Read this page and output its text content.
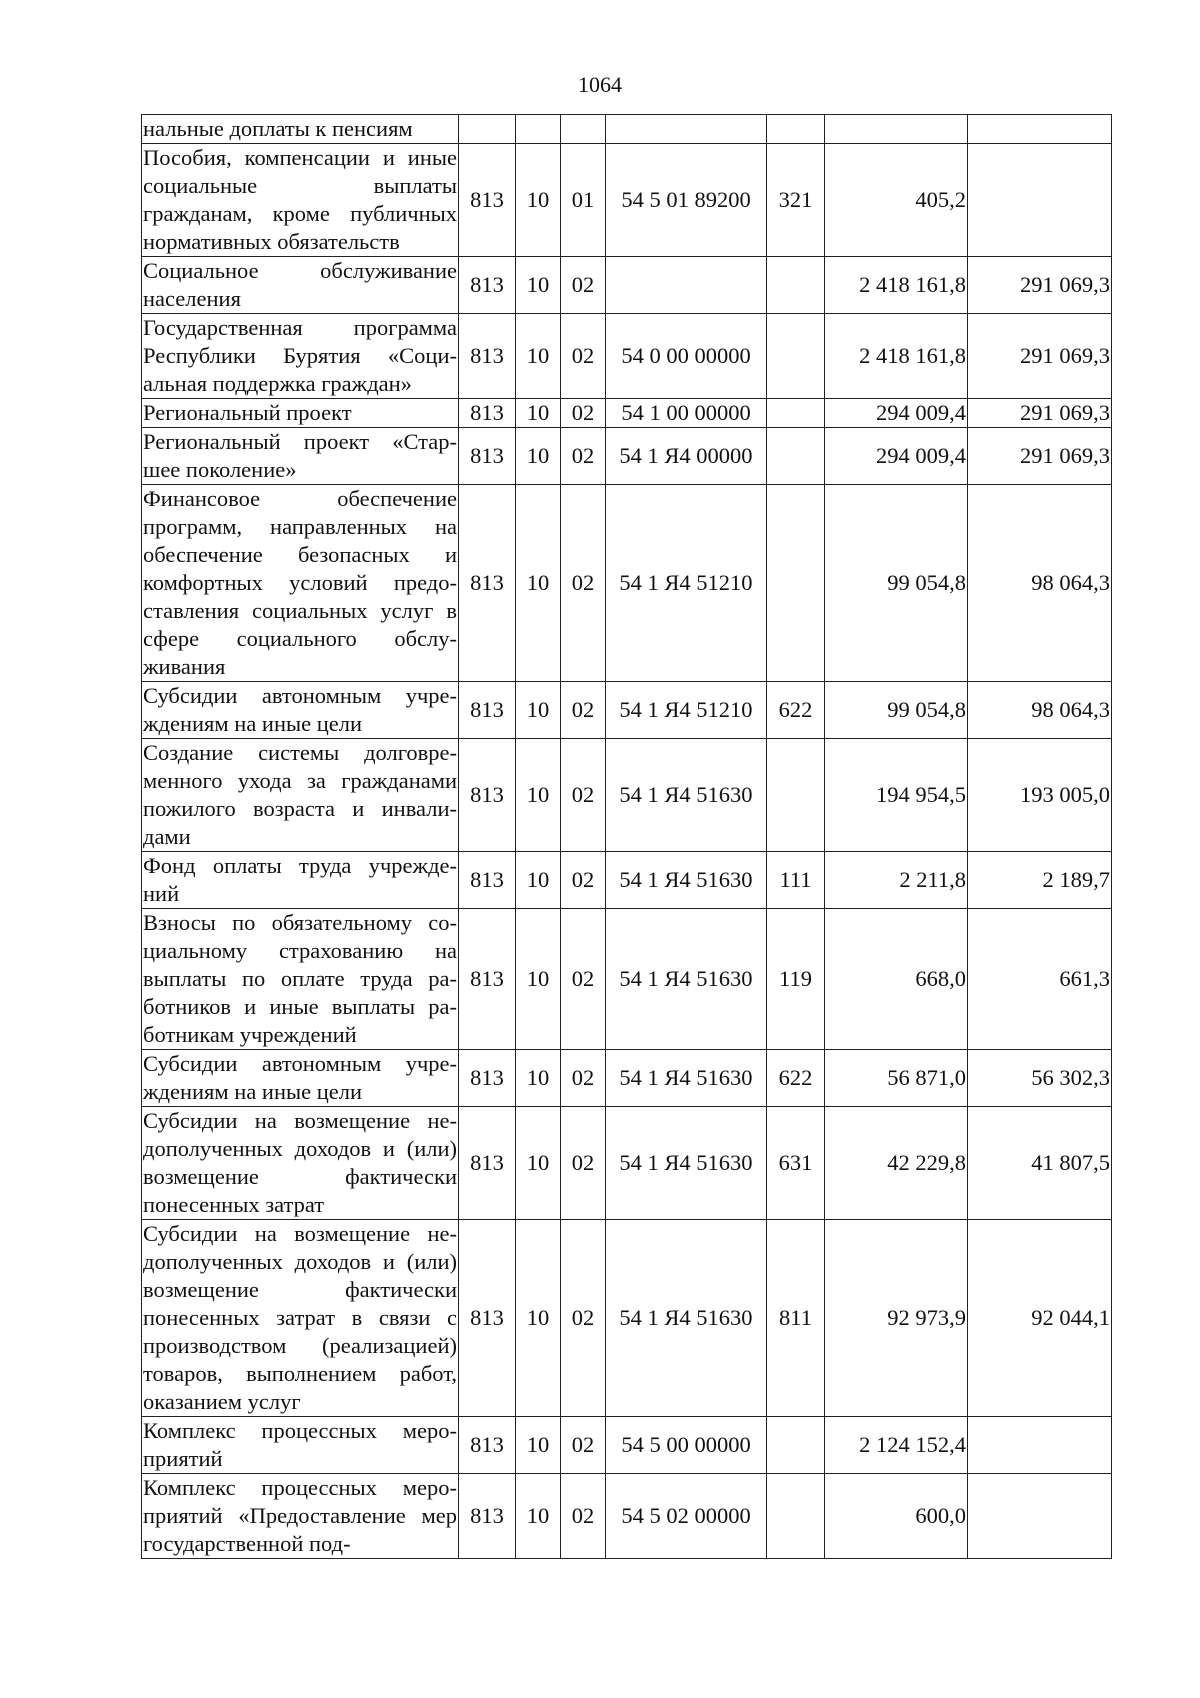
1064
нальные доплаты к пенсиям							
Пособия, компенсации и иные социальные выплаты гражданам, кроме публичных нормативных обязательств	813	10	01	54 5 01 89200	321	405,2	
Социальное обслуживание населения	813	10	02			2 418 161,8	291 069,3
Государственная программа Республики Бурятия «Соци-альная поддержка граждан»	813	10	02	54 0 00 00000		2 418 161,8	291 069,3
Региональный проект	813	10	02	54 1 00 00000		294 009,4	291 069,3
Региональный проект «Стар-шее поколение»	813	10	02	54 1 Я4 00000		294 009,4	291 069,3
Финансовое обеспечение программ, направленных на обеспечение безопасных и комфортных условий предо-ставления социальных услуг в сфере социального обслу-живания	813	10	02	54 1 Я4 51210		99 054,8	98 064,3
Субсидии автономным учре-ждениям на иные цели	813	10	02	54 1 Я4 51210	622	99 054,8	98 064,3
Создание системы долговре-менного ухода за гражданами пожилого возраста и инвали-дами	813	10	02	54 1 Я4 51630		194 954,5	193 005,0
Фонд оплаты труда учрежде-ний	813	10	02	54 1 Я4 51630	111	2 211,8	2 189,7
Взносы по обязательному со-циальному страхованию на выплаты по оплате труда ра-ботников и иные выплаты ра-ботникам учреждений	813	10	02	54 1 Я4 51630	119	668,0	661,3
Субсидии автономным учре-ждениям на иные цели	813	10	02	54 1 Я4 51630	622	56 871,0	56 302,3
Субсидии на возмещение не-дополученных доходов и (или) возмещение фактически понесенных затрат	813	10	02	54 1 Я4 51630	631	42 229,8	41 807,5
Субсидии на возмещение не-дополученных доходов и (или) возмещение фактически понесенных затрат в связи с производством (реализацией) товаров, выполнением работ, оказанием услуг	813	10	02	54 1 Я4 51630	811	92 973,9	92 044,1
Комплекс процессных меро-приятий	813	10	02	54 5 00 00000		2 124 152,4	
Комплекс процессных меро-приятий «Предоставление мер государственной под-	813	10	02	54 5 02 00000		600,0	
